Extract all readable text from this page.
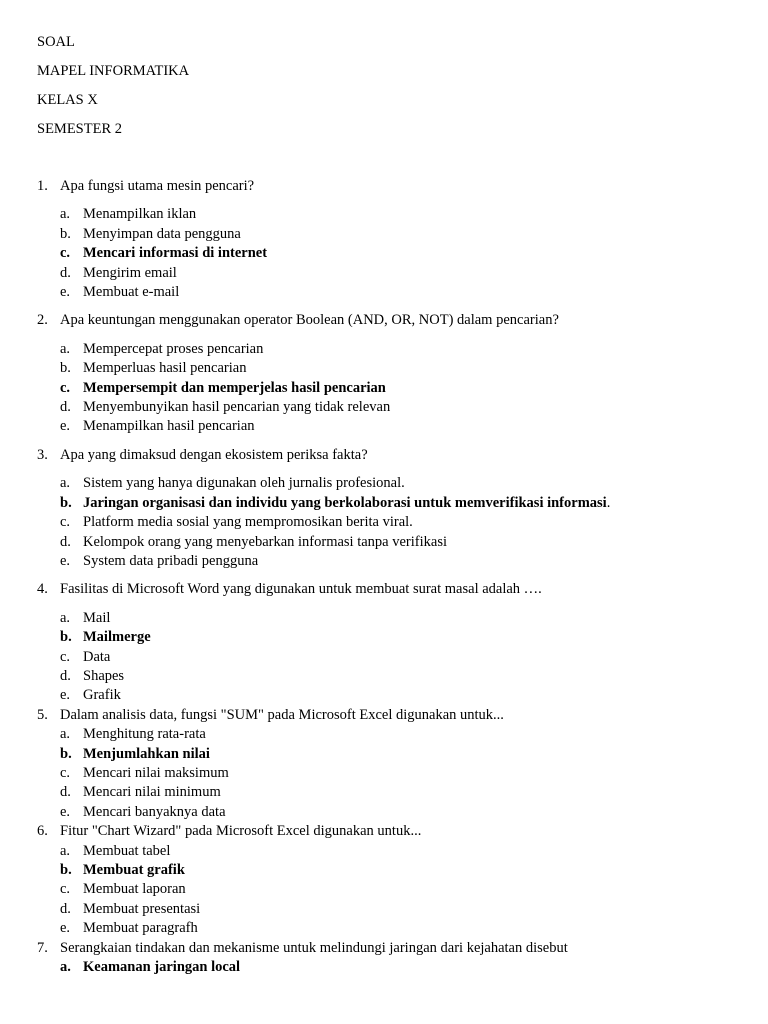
SOAL
MAPEL INFORMATIKA
KELAS X
SEMESTER 2
1. Apa fungsi utama mesin pencari?
a. Menampilkan iklan
b. Menyimpan data pengguna
c. Mencari informasi di internet
d. Mengirim email
e. Membuat e-mail
2. Apa keuntungan menggunakan operator Boolean (AND, OR, NOT) dalam pencarian?
a. Mempercepat proses pencarian
b. Memperluas hasil pencarian
c. Mempersempit dan memperjelas hasil pencarian
d. Menyembunyikan hasil pencarian yang tidak relevan
e. Menampilkan hasil pencarian
3. Apa yang dimaksud dengan ekosistem periksa fakta?
a. Sistem yang hanya digunakan oleh jurnalis profesional.
b. Jaringan organisasi dan individu yang berkolaborasi untuk memverifikasi informasi.
c. Platform media sosial yang mempromosikan berita viral.
d. Kelompok orang yang menyebarkan informasi tanpa verifikasi
e. System data pribadi pengguna
4. Fasilitas di Microsoft Word yang digunakan untuk membuat surat masal adalah ….
a. Mail
b. Mailmerge
c. Data
d. Shapes
e. Grafik
5. Dalam analisis data, fungsi "SUM" pada Microsoft Excel digunakan untuk...
a. Menghitung rata-rata
b. Menjumlahkan nilai
c. Mencari nilai maksimum
d. Mencari nilai minimum
e. Mencari banyaknya data
6. Fitur "Chart Wizard" pada Microsoft Excel digunakan untuk...
a. Membuat tabel
b. Membuat grafik
c. Membuat laporan
d. Membuat presentasi
e. Membuat paragrafh
7. Serangkaian tindakan dan mekanisme untuk melindungi jaringan dari kejahatan disebut
a. Keamanan jaringan local
